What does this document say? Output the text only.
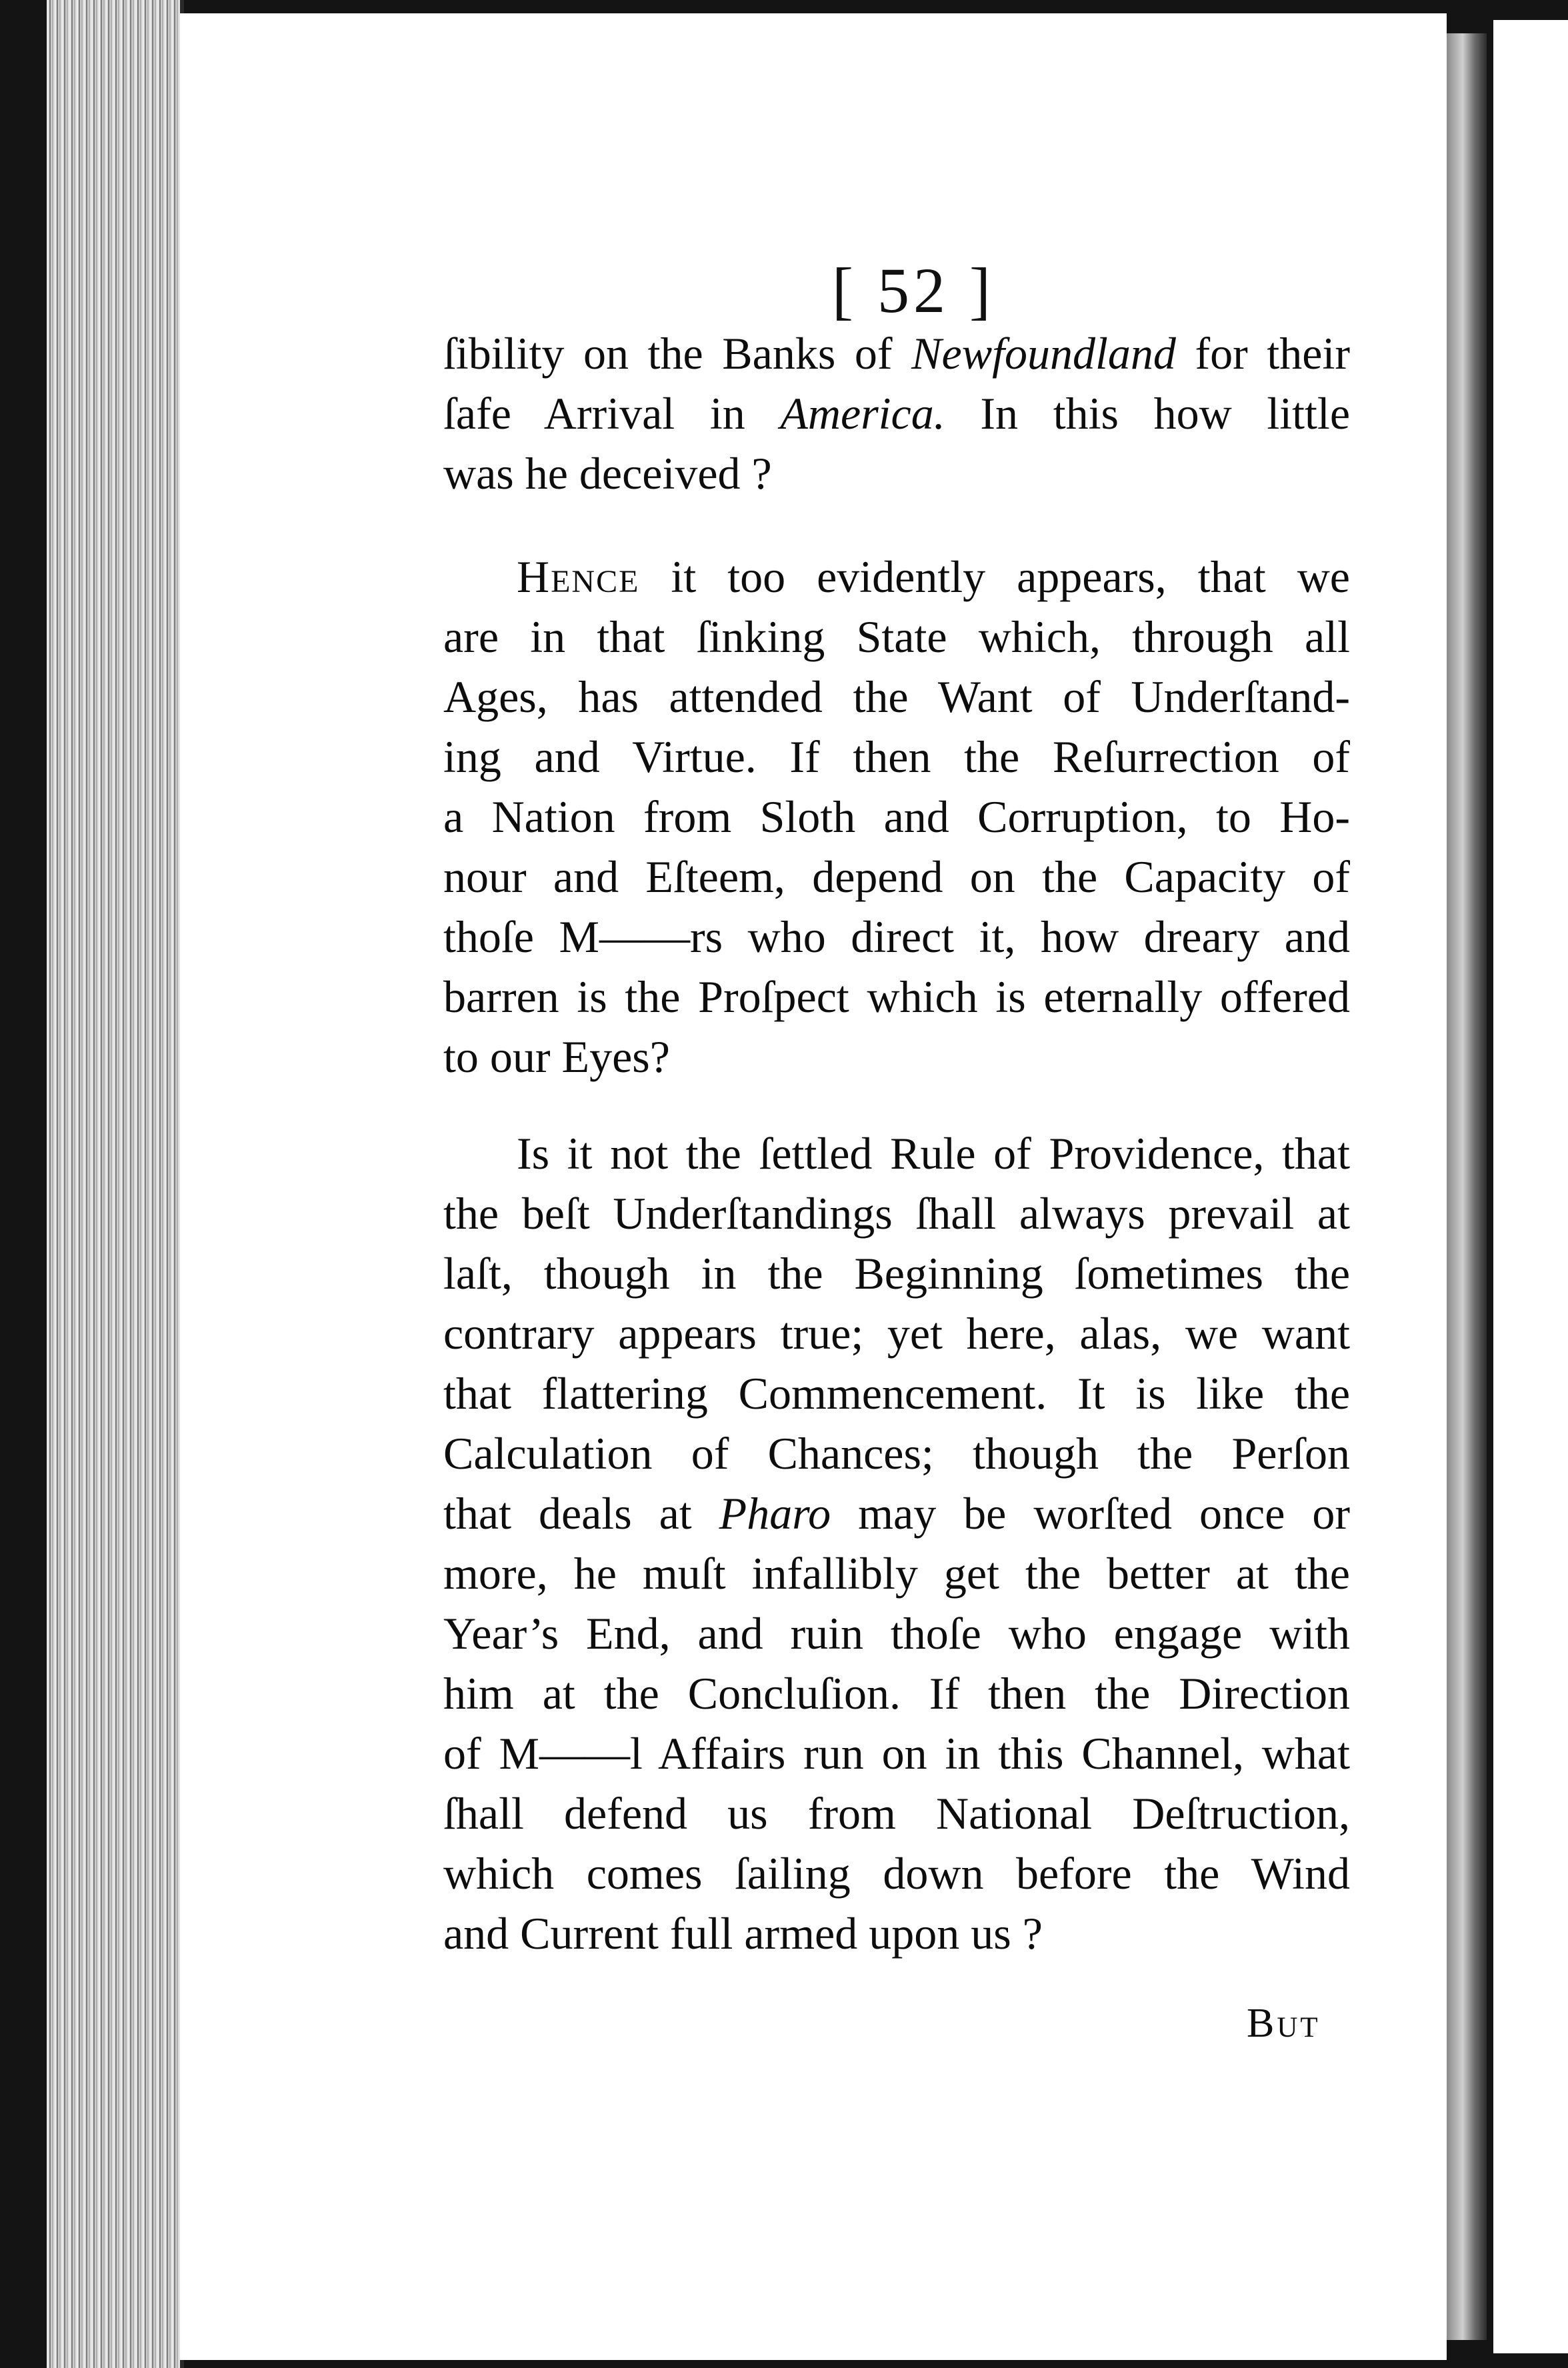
[ 52 ]
ſibility on the Banks of Newfoundland for their
ſafe Arrival in America. In this how little
was he deceived ?
Hence it too evidently appears, that we
are in that ſinking State which, through all
Ages, has attended the Want of Underſtand-
ing and Virtue. If then the Reſurrection of
a Nation from Sloth and Corruption, to Ho-
nour and Eſteem, depend on the Capacity of
thoſe M——rs who direct it, how dreary and
barren is the Proſpect which is eternally offered
to our Eyes?
Is it not the ſettled Rule of Providence, that
the beſt Underſtandings ſhall always prevail at
laſt, though in the Beginning ſometimes the
contrary appears true; yet here, alas, we want
that flattering Commencement. It is like the
Calculation of Chances; though the Perſon
that deals at Pharo may be worſted once or
more, he muſt infallibly get the better at the
Year’s End, and ruin thoſe who engage with
him at the Concluſion. If then the Direction
of M——l Affairs run on in this Channel, what
ſhall defend us from National Deſtruction,
which comes ſailing down before the Wind
and Current full armed upon us ?
But
